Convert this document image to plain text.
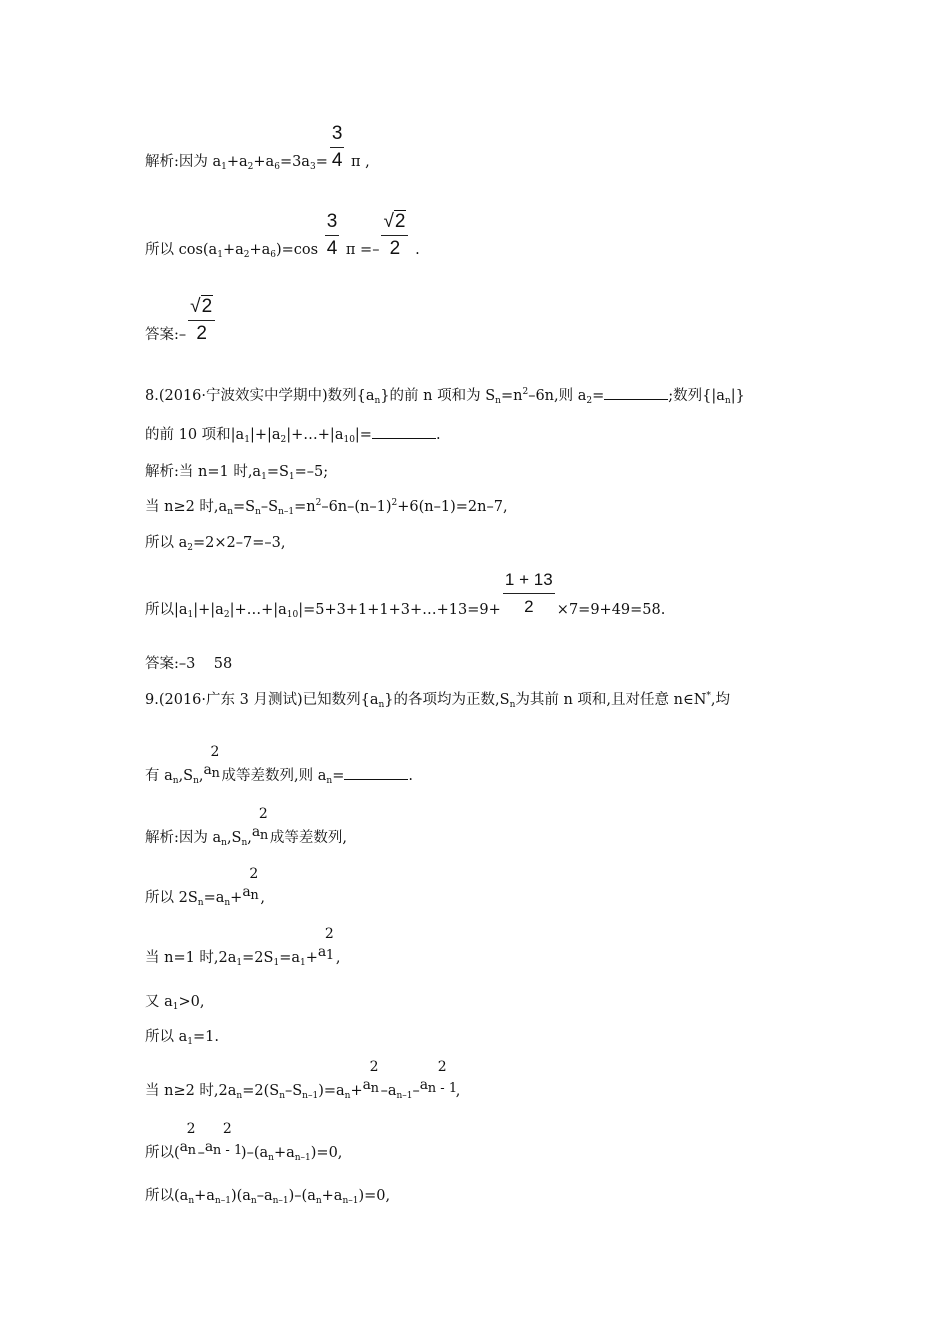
解析:因为 $a_1+a_2+a_6=3a_3= \frac{3}{4}$ π ,
所以 $\cos(a_1+a_2+a_6)=\cos \frac{3}{4}$ $\pi =- \frac{√2}{2}$ .
答案:– $\frac{√2}{2}$
8.(2016·宁波效实中学期中)数列$\{a_n\}$的前 n 项和为 $S_n=n^2-6n$,则 $a_2=$	;数列$\{|a_n|\}$
的前 10 项和$|a_1|+|a_2|+\dots+|a_{10}|=$	.
解析:当 n=1 时$,a_1=S_1=-5$;
当 n≥2 时$,a_n=S_n-S_{n-1}=n^2-6n-(n-1)^2+6(n-1)=2n-7$,
所以 $a_2=2\times 2-7=-3$,
所以$|a_1|+|a_2|+\dots+|a_{10}|=5+3+1+1+3+\dots+13=9+ \frac{1 + 13}{2} \times 7=9+49=58$.
答案:–3    58
9.(2016·广东 3 月测试)已知数列$\{a_n\}$的各项均为正数$,S_n$为其前 n 项和,且对任意 n∈N*,均
有 $a_n,S_n$, a
2
n 成等差数列,则 $a_n=$	.
解析:因为 $a_n,S_n$, a
2
n 成等差数列,
所以 $2S_n=a_n+ a$
2
n ,
当 n=1 时$,2a_1=2S_1=a_1+ a$
2
1 ,
又 $a_1>0$,
所以 $a_1=1$.
当 n≥2 时$,2a_n=2(S_n-S_{n-1})=a_n+ a$
2
n $-a_{n-1}-$ a
2
n - 1
,
所以( a
2
n – a
2
n - 1
)$-(a_n+a_{n-1})=0$,
所以$(a_n+a_{n-1})(a_n-a_{n-1})-(a_n+a_{n-1})=0$,
